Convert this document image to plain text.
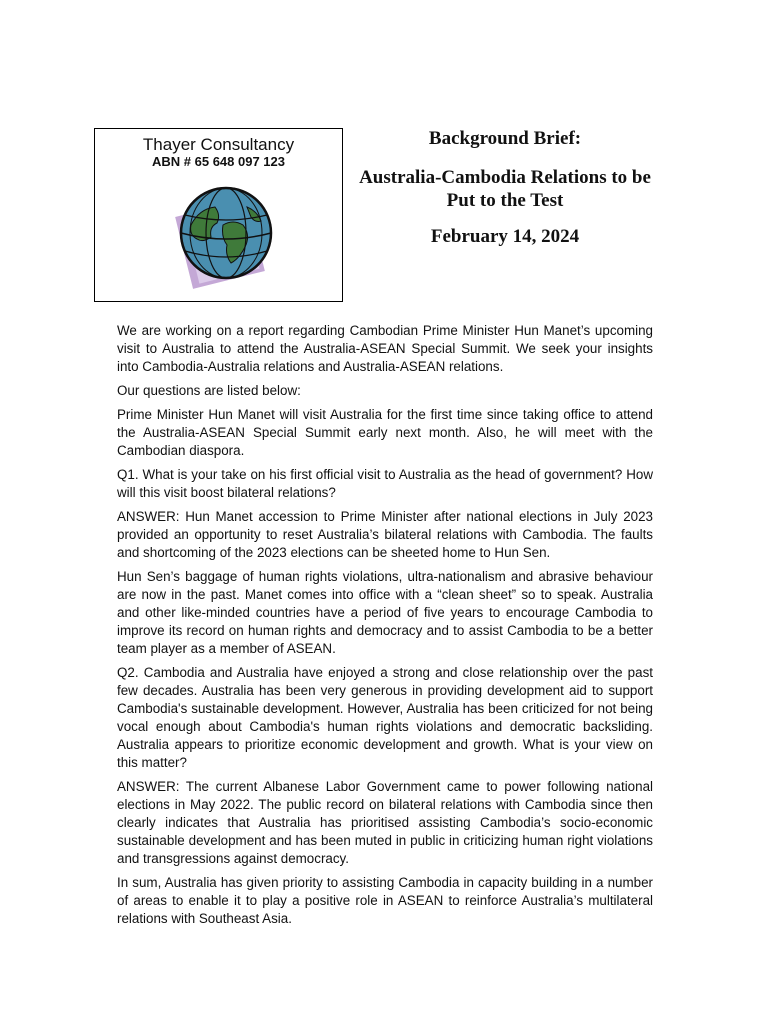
Thayer Consultancy
ABN # 65 648 097 123
Background Brief:
Australia-Cambodia Relations to be Put to the Test
February 14, 2024

We are working on a report regarding Cambodian Prime Minister Hun Manet’s upcoming visit to Australia to attend the Australia-ASEAN Special Summit. We seek your insights into Cambodia-Australia relations and Australia-ASEAN relations.

Our questions are listed below:

Prime Minister Hun Manet will visit Australia for the first time since taking office to attend the Australia-ASEAN Special Summit early next month. Also, he will meet with the Cambodian diaspora.

Q1. What is your take on his first official visit to Australia as the head of government? How will this visit boost bilateral relations?

ANSWER: Hun Manet accession to Prime Minister after national elections in July 2023 provided an opportunity to reset Australia’s bilateral relations with Cambodia. The faults and shortcoming of the 2023 elections can be sheeted home to Hun Sen.

Hun Sen’s baggage of human rights violations, ultra-nationalism and abrasive behaviour are now in the past. Manet comes into office with a “clean sheet” so to speak. Australia and other like-minded countries have a period of five years to encourage Cambodia to improve its record on human rights and democracy and to assist Cambodia to be a better team player as a member of ASEAN.

Q2. Cambodia and Australia have enjoyed a strong and close relationship over the past few decades. Australia has been very generous in providing development aid to support Cambodia's sustainable development. However, Australia has been criticized for not being vocal enough about Cambodia's human rights violations and democratic backsliding. Australia appears to prioritize economic development and growth. What is your view on this matter?

ANSWER: The current Albanese Labor Government came to power following national elections in May 2022. The public record on bilateral relations with Cambodia since then clearly indicates that Australia has prioritised assisting Cambodia’s socio-economic sustainable development and has been muted in public in criticizing human right violations and transgressions against democracy.

In sum, Australia has given priority to assisting Cambodia in capacity building in a number of areas to enable it to play a positive role in ASEAN to reinforce Australia’s multilateral relations with Southeast Asia.
